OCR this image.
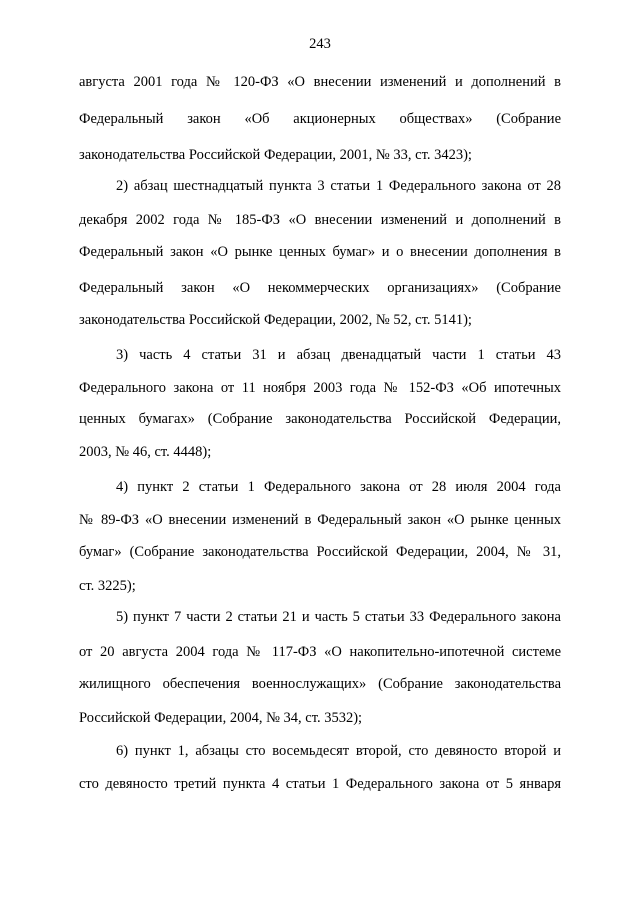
243
августа 2001 года № 120-ФЗ «О внесении изменений и дополнений в
Федеральный закон «Об акционерных обществах» (Собрание
законодательства Российской Федерации, 2001, № 33, ст. 3423);
2) абзац шестнадцатый пункта 3 статьи 1 Федерального закона от 28
декабря 2002 года № 185-ФЗ «О внесении изменений и дополнений в
Федеральный закон «О рынке ценных бумаг» и о внесении дополнения в
Федеральный закон «О некоммерческих организациях» (Собрание
законодательства Российской Федерации, 2002, № 52, ст. 5141);
3) часть 4 статьи 31 и абзац двенадцатый части 1 статьи 43
Федерального закона от 11 ноября 2003 года № 152-ФЗ «Об ипотечных
ценных бумагах» (Собрание законодательства Российской Федерации,
2003, № 46, ст. 4448);
4) пункт 2 статьи 1 Федерального закона от 28 июля 2004 года
№ 89-ФЗ «О внесении изменений в Федеральный закон «О рынке ценных
бумаг» (Собрание законодательства Российской Федерации, 2004, № 31,
ст. 3225);
5) пункт 7 части 2 статьи 21 и часть 5 статьи 33 Федерального закона
от 20 августа 2004 года № 117-ФЗ «О накопительно-ипотечной системе
жилищного обеспечения военнослужащих» (Собрание законодательства
Российской Федерации, 2004, № 34, ст. 3532);
6) пункт 1, абзацы сто восемьдесят второй, сто девяносто второй и
сто девяносто третий пункта 4 статьи 1 Федерального закона от 5 января
